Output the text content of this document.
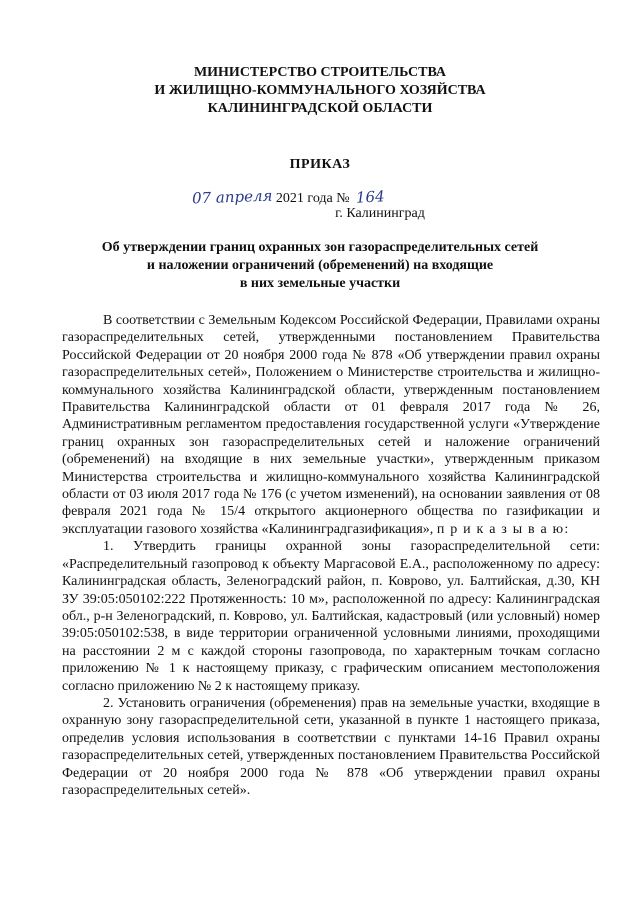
МИНИСТЕРСТВО СТРОИТЕЛЬСТВА
И ЖИЛИЩНО-КОММУНАЛЬНОГО ХОЗЯЙСТВА
КАЛИНИНГРАДСКОЙ ОБЛАСТИ
ПРИКАЗ
07 апреля 2021 года № 164
г. Калининград
Об утверждении границ охранных зон газораспределительных сетей
и наложении ограничений (обременений) на входящие
в них земельные участки

В соответствии с Земельным Кодексом Российской Федерации, Правилами охраны газораспределительных сетей, утвержденными постановлением Правительства Российской Федерации от 20 ноября 2000 года № 878 «Об утверждении правил охраны газораспределительных сетей», Положением о Министерстве строительства и жилищно-коммунального хозяйства Калининградской области, утвержденным постановлением Правительства Калининградской области от 01 февраля 2017 года № 26, Административным регламентом предоставления государственной услуги «Утверждение границ охранных зон газораспределительных сетей и наложение ограничений (обременений) на входящие в них земельные участки», утвержденным приказом Министерства строительства и жилищно-коммунального хозяйства Калининградской области от 03 июля 2017 года № 176 (с учетом изменений), на основании заявления от 08 февраля 2021 года № 15/4 открытого акционерного общества по газификации и эксплуатации газового хозяйства «Калининградгазификация», п р и к а з ы в а ю:

1. Утвердить границы охранной зоны газораспределительной сети: «Распределительный газопровод к объекту Маргасовой Е.А., расположенному по адресу: Калининградская область, Зеленоградский район, п. Коврово, ул. Балтийская, д.30, КН ЗУ 39:05:050102:222 Протяженность: 10 м», расположенной по адресу: Калининградская обл., р-н Зеленоградский, п. Коврово, ул. Балтийская, кадастровый (или условный) номер 39:05:050102:538, в виде территории ограниченной условными линиями, проходящими на расстоянии 2 м с каждой стороны газопровода, по характерным точкам согласно приложению № 1 к настоящему приказу, с графическим описанием местоположения согласно приложению № 2 к настоящему приказу.

2. Установить ограничения (обременения) прав на земельные участки, входящие в охранную зону газораспределительной сети, указанной в пункте 1 настоящего приказа, определив условия использования в соответствии с пунктами 14-16 Правил охраны газораспределительных сетей, утвержденных постановлением Правительства Российской Федерации от 20 ноября 2000 года № 878 «Об утверждении правил охраны газораспределительных сетей».
